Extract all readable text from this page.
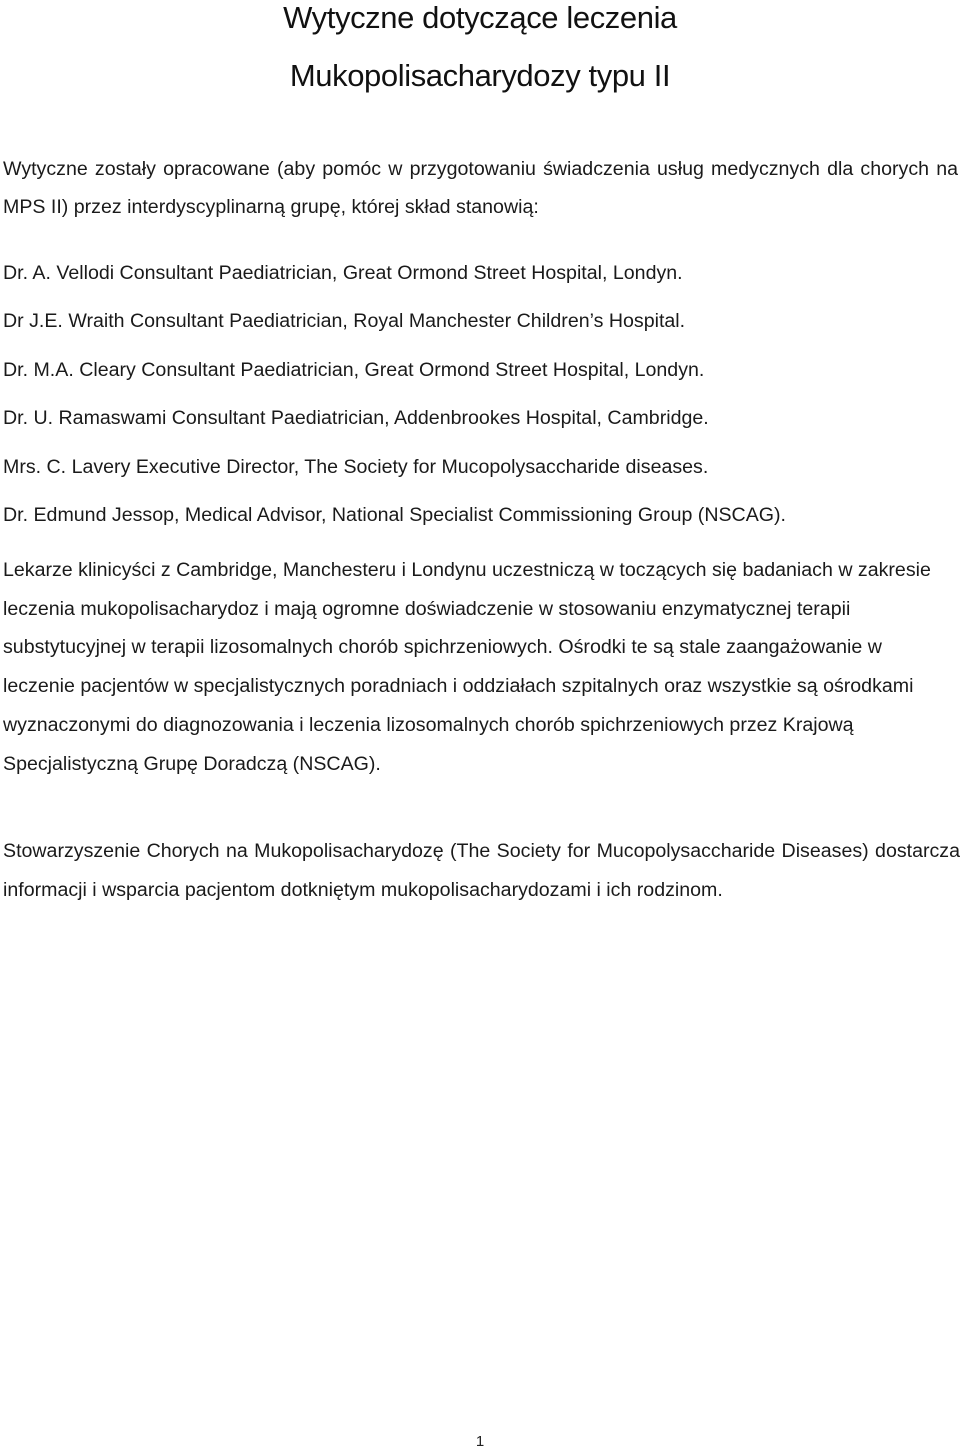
Wytyczne dotyczące leczenia
Mukopolisacharydozy typu II

Wytyczne zostały opracowane (aby pomóc w przygotowaniu świadczenia usług medycznych dla chorych na MPS II) przez interdyscyplinarną grupę, której skład stanowią:

Dr. A. Vellodi Consultant Paediatrician, Great Ormond Street Hospital, Londyn.
Dr J.E. Wraith Consultant Paediatrician, Royal Manchester Children’s Hospital.
Dr. M.A. Cleary Consultant Paediatrician, Great Ormond Street Hospital, Londyn.
Dr. U. Ramaswami Consultant Paediatrician, Addenbrookes Hospital, Cambridge.
Mrs. C. Lavery Executive Director, The Society for Mucopolysaccharide diseases.
Dr. Edmund Jessop, Medical Advisor, National Specialist Commissioning Group (NSCAG).

Lekarze klinicyści z Cambridge, Manchesteru i Londynu uczestniczą w toczących się badaniach w zakresie leczenia mukopolisacharydoz i mają ogromne doświadczenie w stosowaniu enzymatycznej terapii substytucyjnej w terapii lizosomalnych chorób spichrzeniowych. Ośrodki te są stale zaangażowanie w leczenie pacjentów w specjalistycznych poradniach i oddziałach szpitalnych oraz wszystkie są ośrodkami wyznaczonymi do diagnozowania i leczenia lizosomalnych chorób spichrzeniowych przez Krajową Specjalistyczną Grupę Doradczą (NSCAG).

Stowarzyszenie Chorych na Mukopolisacharydozę (The Society for Mucopolysaccharide Diseases) dostarcza informacji i wsparcia pacjentom dotkniętym mukopolisacharydozami i ich rodzinom.

1
